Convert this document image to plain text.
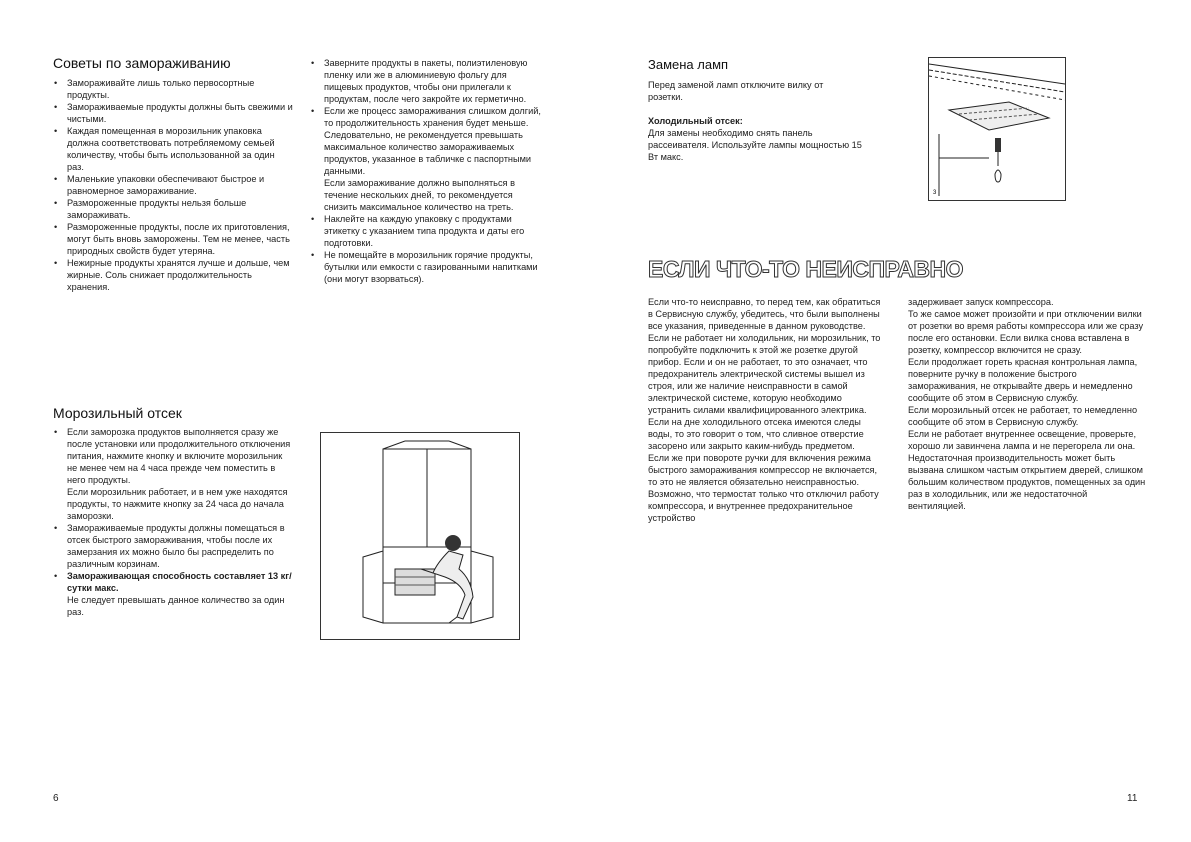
Советы по замораживанию
• Замораживайте лишь только первосортные продукты.
• Замораживаемые продукты должны быть свежими и чистыми.
• Каждая помещенная в морозильник упаковка должна соответствовать потребляемому семьей количеству, чтобы быть использованной за один раз.
• Маленькие упаковки обеспечивают быстрое и равномерное замораживание.
• Размороженные продукты нельзя больше замораживать.
• Размороженные продукты, после их приготовления, могут быть вновь заморожены. Тем не менее, часть природных свойств будет утеряна.
• Нежирные продукты хранятся лучше и дольше, чем жирные. Соль снижает продолжительность хранения.
• Заверните продукты в пакеты, полиэтиленовую пленку или же в алюминиевую фольгу для пищевых продуктов, чтобы они прилегали к продуктам, после чего закройте их герметично.
• Если же процесс замораживания слишком долгий, то продолжительность хранения будет меньше. Следовательно, не рекомендуется превышать максимальное количество замораживаемых продуктов, указанное в табличке с паспортными данными.
Если замораживание должно выполняться в течение нескольких дней, то рекомендуется снизить максимальное количество на треть.
• Наклейте на каждую упаковку с продуктами этикетку с указанием типа продукта и даты его подготовки.
• Не помещайте в морозильник горячие продукты, бутылки или емкости с газированными напитками (они могут взорваться).
Морозильный отсек
• Если заморозка продуктов выполняется сразу же после установки или продолжительного отключения питания, нажмите кнопку и включите морозильник не менее чем на 4 часа прежде чем поместить в него продукты.
Если морозильник работает, и в нем уже находятся продукты, то нажмите кнопку за 24 часа до начала заморозки.
• Замораживаемые продукты должны помещаться в отсек быстрого замораживания, чтобы после их замерзания их можно было бы распределить по различным корзинам.
• Замораживающая способность составляет 13 кг/сутки макс.
Не следует превышать данное количество за один раз.
6
Замена ламп

Перед заменой ламп отключите вилку от розетки.

Холодильный отсек:

Для замены необходимо снять панель рассеивателя. Используйте лампы мощностью 15 Вт макс.

3
ЕСЛИ ЧТО-ТО НЕИСПРАВНО

Если что-то неисправно, то перед тем, как обратиться в Сервисную службу, убедитесь, что были выполнены все указания, приведенные в данном руководстве.
Если не работает ни холодильник, ни морозильник, то попробуйте подключить к этой же розетке другой прибор. Если и он не работает, то это означает, что предохранитель электрической системы вышел из строя, или же наличие неисправности в самой электрической системе, которую необходимо устранить силами квалифицированного электрика.
Если на дне холодильного отсека имеются следы воды, то это говорит о том, что сливное отверстие засорено или закрыто каким-нибудь предметом.
Если же при повороте ручки для включения режима быстрого замораживания компрессор не включается, то это не является обязательно неисправностью. Возможно, что термостат только что отключил работу компрессора, и внутреннее предохранительное устройство

задерживает запуск компрессора.
То же самое может произойти и при отключении вилки от розетки во время работы компрессора или же сразу после его остановки. Если вилка снова вставлена в розетку, компрессор включится не сразу.
Если продолжает гореть красная контрольная лампа, поверните ручку в положение быстрого замораживания, не открывайте дверь и немедленно сообщите об этом в Сервисную службу.
Если морозильный отсек не работает, то немедленно сообщите об этом в Сервисную службу.
Если не работает внутреннее освещение, проверьте, хорошо ли завинчена лампа и не перегорела ли она.
Недостаточная производительность может быть вызвана слишком частым открытием дверей, слишком большим количеством продуктов, помещенных за один раз в холодильник, или же недостаточной вентиляцией.

11
